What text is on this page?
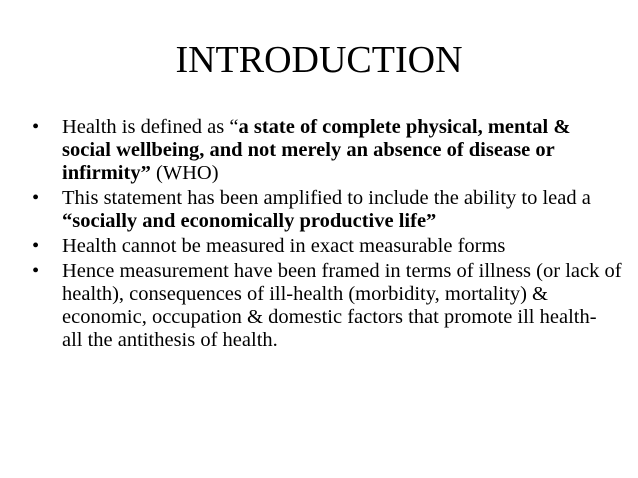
INTRODUCTION
•	Health is defined as “a state of complete physical, mental & social wellbeing, and not merely an absence of disease or infirmity” (WHO)
•	This statement has been amplified to include the ability to lead a “socially and economically productive life”
•	Health cannot be measured in exact measurable forms
•	Hence measurement have been framed in terms of illness (or lack of health), consequences of ill-health (morbidity, mortality) & economic, occupation & domestic factors that promote ill health- all the antithesis of health.
